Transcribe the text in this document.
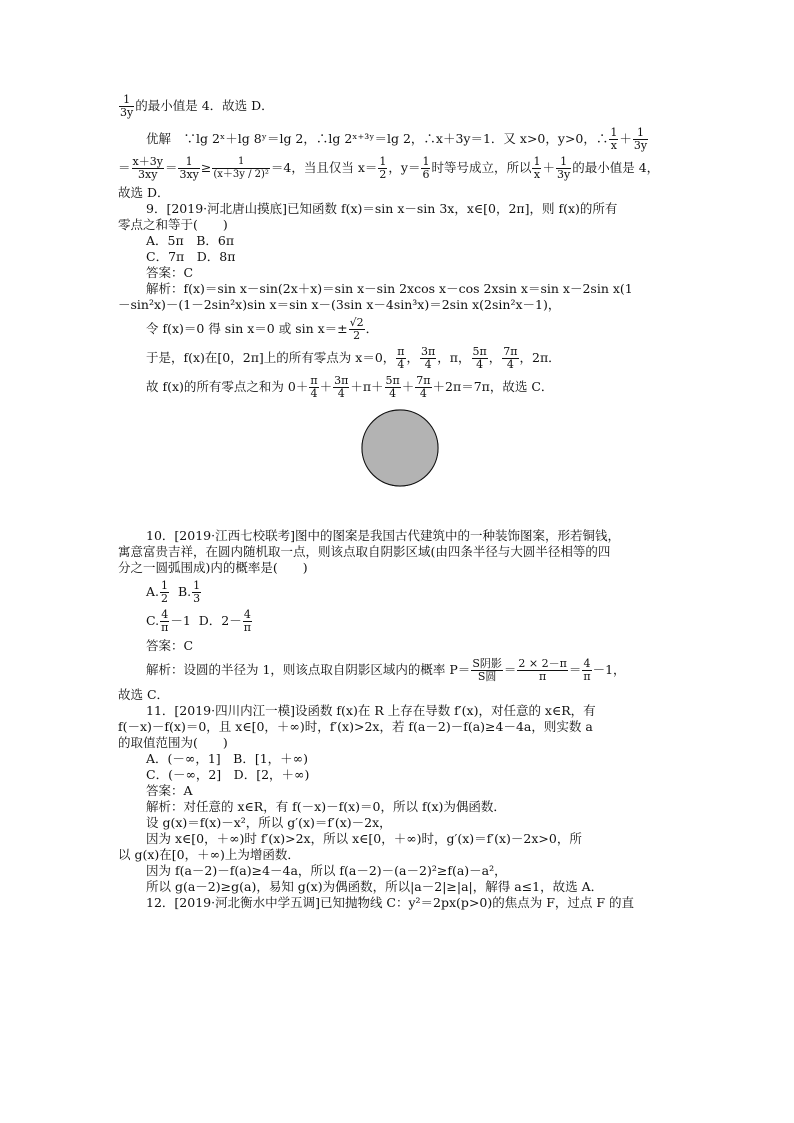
$\frac{1}{3y}$ 的最小值是 4．故选 D．
优解　∵lg 2ˣ＋lg 8ʸ＝lg 2，∴lg 2ˣ⁺³ʸ＝lg 2，∴x＋3y＝1．又 x>0，y>0，∴ $\frac{1}{x} + \frac{1}{3y}$
＝ $\frac{x+3y}{3xy} = \frac{1}{3xy} \ge \frac{1}{\text{(x＋3y / 2)²}} =4$，当且仅当 $x= \frac{1}{2}$ ，$y= \frac{1}{6}$ 时等号成立，所以 $\frac{1}{x} + \frac{1}{3y}$ 的最小值是 4，
故选 D．
9．[2019·河北唐山摸底]已知函数 f(x)＝sin x－sin 3x，x∈[0，2π]，则 f(x)的所有
零点之和等于(　　)
A．5π　B．6π
C．7π　D．8π
答案：C
解析：f(x)＝sin x－sin(2x＋x)＝sin x－sin 2xcos x－cos 2xsin x＝sin x－2sin x(1
－sin²x)－(1－2sin²x)sin x＝sin x－(3sin x－4sin³x)＝2sin x(2sin²x－1)，
令 f(x)＝0 得 sin x＝0 或 $\sin x=\pm \frac{√2}{2}$ ．
于是，f(x)在[0，2π]上的所有零点为 x＝0， $\frac{\pi}{4}$ ， $\frac{3\pi}{4}$ ，π， $\frac{5\pi}{4}$ ， $\frac{7\pi}{4}$ ，2π．
故 f(x)的所有零点之和为 $0+ \frac{\pi}{4} + \frac{3\pi}{4} +\pi+ \frac{5\pi}{4} + \frac{7\pi}{4} +2\pi=7\pi$，故选 C．
10．[2019·江西七校联考]图中的图案是我国古代建筑中的一种装饰图案，形若铜钱，
寓意富贵吉祥，在圆内随机取一点，则该点取自阴影区域(由四条半径与大圆半径相等的四
分之一圆弧围成)内的概率是(　　)
A. $\frac{1}{2} B$. $\frac{1}{3}$
C. $\frac{4}{\pi} -1$ D．$2- \frac{4}{\pi}$
答案：C
解析：设圆的半径为 1，则该点取自阴影区域内的概率 $P= \frac{\text{S阴影}}{\text{S圆}} = \frac{2 \times 2-\pi}{\pi} = \frac{4}{\pi} -1$，
故选 C．
11．[2019·四川内江一模]设函数 f(x)在 R 上存在导数 f′(x)，对任意的 x∈R，有
f(－x)－f(x)＝0，且 x∈[0，＋∞)时，f′(x)>2x，若 f(a－2)－f(a)≥4－4a，则实数 a
的取值范围为(　　)
A．(－∞，1]　B．[1，＋∞)
C．(－∞，2]　D．[2，＋∞)
答案：A
解析：对任意的 x∈R，有 f(－x)－f(x)＝0，所以 f(x)为偶函数．
设 g(x)＝f(x)－x²，所以 g′(x)＝f′(x)－2x，
因为 x∈[0，＋∞)时 f′(x)>2x，所以 x∈[0，＋∞)时，g′(x)＝f′(x)－2x>0，所
以 g(x)在[0，＋∞)上为增函数．
因为 f(a－2)－f(a)≥4－4a，所以 f(a－2)－(a－2)²≥f(a)－a²，
所以 g(a－2)≥g(a)，易知 g(x)为偶函数，所以|a－2|≥|a|，解得 a≤1，故选 A．
12．[2019·河北衡水中学五调]已知抛物线 C：y²＝2px(p>0)的焦点为 F，过点 F 的直
